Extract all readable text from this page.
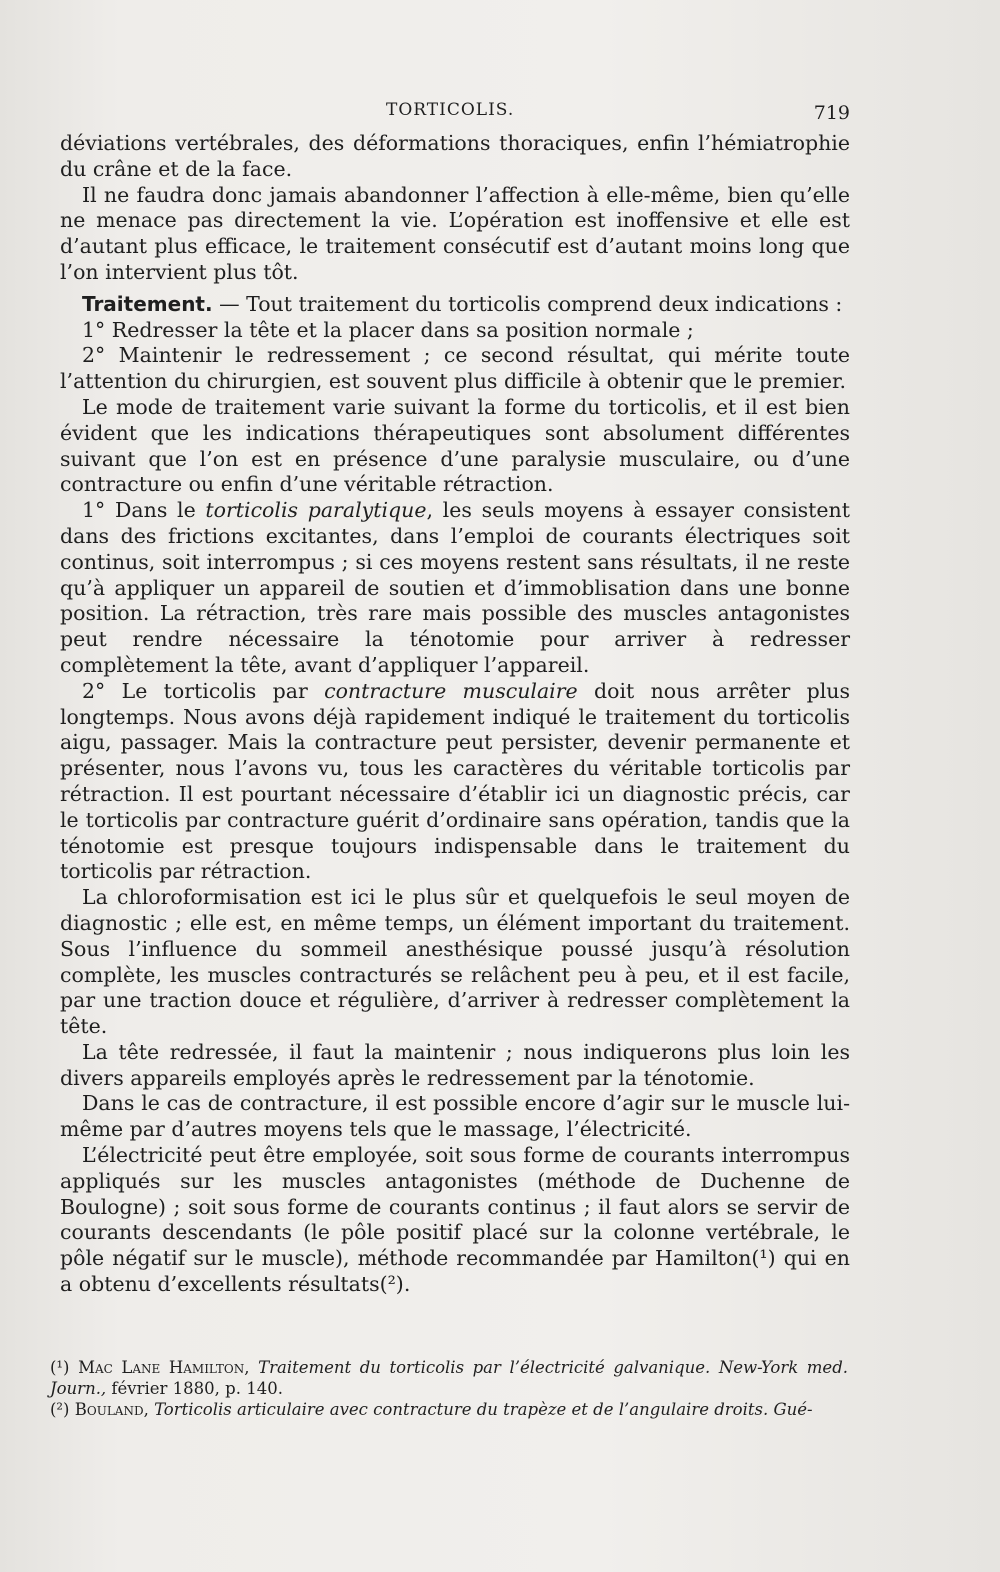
TORTICOLIS.	719

déviations vertébrales, des déformations thoraciques, enfin l’hémiatrophie du crâne et de la face.

Il ne faudra donc jamais abandonner l’affection à elle-même, bien qu’elle ne menace pas directement la vie. L’opération est inoffensive et elle est d’autant plus efficace, le traitement consécutif est d’autant moins long que l’on intervient plus tôt.

Traitement. — Tout traitement du torticolis comprend deux indications :

1° Redresser la tête et la placer dans sa position normale ;

2° Maintenir le redressement ; ce second résultat, qui mérite toute l’attention du chirurgien, est souvent plus difficile à obtenir que le premier.

Le mode de traitement varie suivant la forme du torticolis, et il est bien évident que les indications thérapeutiques sont absolument différentes suivant que l’on est en présence d’une paralysie musculaire, ou d’une contracture ou enfin d’une véritable rétraction.

1° Dans le torticolis paralytique, les seuls moyens à essayer consistent dans des frictions excitantes, dans l’emploi de courants électriques soit continus, soit interrompus ; si ces moyens restent sans résultats, il ne reste qu’à appliquer un appareil de soutien et d’immoblisation dans une bonne position. La rétraction, très rare mais possible des muscles antagonistes peut rendre nécessaire la ténotomie pour arriver à redresser complètement la tête, avant d’appliquer l’appareil.

2° Le torticolis par contracture musculaire doit nous arrêter plus longtemps. Nous avons déjà rapidement indiqué le traitement du torticolis aigu, passager. Mais la contracture peut persister, devenir permanente et présenter, nous l’avons vu, tous les caractères du véritable torticolis par rétraction. Il est pourtant nécessaire d’établir ici un diagnostic précis, car le torticolis par contracture guérit d’ordinaire sans opération, tandis que la ténotomie est presque toujours indispensable dans le traitement du torticolis par rétraction.

La chloroformisation est ici le plus sûr et quelquefois le seul moyen de diagnostic ; elle est, en même temps, un élément important du traitement. Sous l’influence du sommeil anesthésique poussé jusqu’à résolution complète, les muscles contracturés se relâchent peu à peu, et il est facile, par une traction douce et régulière, d’arriver à redresser complètement la tête.

La tête redressée, il faut la maintenir ; nous indiquerons plus loin les divers appareils employés après le redressement par la ténotomie.

Dans le cas de contracture, il est possible encore d’agir sur le muscle lui-même par d’autres moyens tels que le massage, l’électricité.

L’électricité peut être employée, soit sous forme de courants interrompus appliqués sur les muscles antagonistes (méthode de Duchenne de Boulogne) ; soit sous forme de courants continus ; il faut alors se servir de courants descendants (le pôle positif placé sur la colonne vertébrale, le pôle négatif sur le muscle), méthode recommandée par Hamilton(¹) qui en a obtenu d’excellents résultats(²).

(¹) Mac Lane Hamilton, Traitement du torticolis par l’électricité galvanique. New-York med. Journ., février 1880, p. 140.

(²) Bouland, Torticolis articulaire avec contracture du trapèze et de l’angulaire droits. Gué-
